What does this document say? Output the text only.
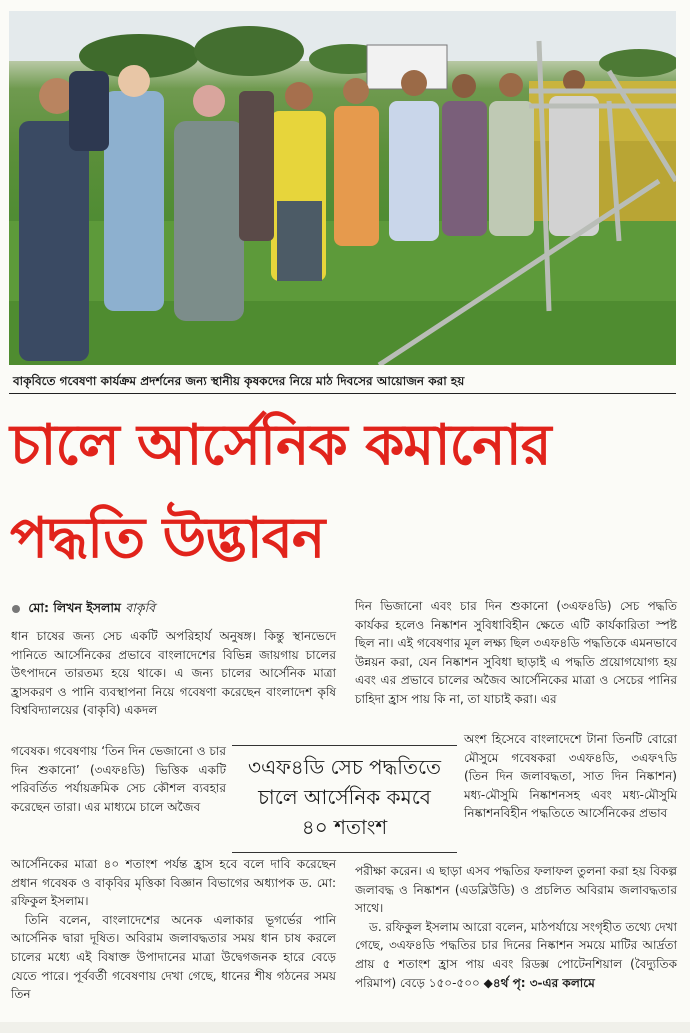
বাকৃবিতে গবেষণা কার্যক্রম প্রদর্শনের জন্য স্থানীয় কৃষকদের নিয়ে মাঠ দিবসের আয়োজন করা হয়
চালে আর্সেনিক কমানোর
পদ্ধতি উদ্ভাবন
মো: লিখন ইসলাম বাকৃবি

ধান চাষের জন্য সেচ একটি অপরিহার্য অনুষঙ্গ। কিন্তু স্থানভেদে পানিতে আর্সেনিকের প্রভাবে বাংলাদেশের বিভিন্ন জায়গায় চালের উৎপাদনে তারতম্য হয়ে থাকে। এ জন্য চালের আর্সেনিক মাত্রা হ্রাসকরণ ও পানি ব্যবস্থাপনা নিয়ে গবেষণা করেছেন বাংলাদেশ কৃষি বিশ্ববিদ্যালয়ের (বাকৃবি) একদল

গবেষক। গবেষণায় ‘তিন দিন ভেজানো ও চার দিন শুকানো’ (৩এফ৪ডি) ভিত্তিক একটি পরিবর্তিত পর্যায়ক্রমিক সেচ কৌশল ব্যবহার করেছেন তারা। এর মাধ্যমে চালে অজৈব

আর্সেনিকের মাত্রা ৪০ শতাংশ পর্যন্ত হ্রাস হবে বলে দাবি করেছেন প্রধান গবেষক ও বাকৃবির মৃত্তিকা বিজ্ঞান বিভাগের অধ্যাপক ড. মো: রফিকুল ইসলাম।

তিনি বলেন, বাংলাদেশের অনেক এলাকার ভূগর্ভের পানি আর্সেনিক দ্বারা দূষিত। অবিরাম জলাবদ্ধতার সময় ধান চাষ করলে চালের মধ্যে এই বিষাক্ত উপাদানের মাত্রা উদ্বেগজনক হারে বেড়ে যেতে পারে। পূর্ববর্তী গবেষণায় দেখা গেছে, ধানের শীষ গঠনের সময় তিন

৩এফ৪ডি সেচ পদ্ধতিতে
চালে আর্সেনিক কমবে
৪০ শতাংশ

দিন ভিজানো এবং চার দিন শুকানো (৩এফ৪ডি) সেচ পদ্ধতি কার্যকর হলেও নিষ্কাশন সুবিধাবিহীন ক্ষেতে এটি কার্যকারিতা স্পষ্ট ছিল না। এই গবেষণার মূল লক্ষ্য ছিল ৩এফ৪ডি পদ্ধতিকে এমনভাবে উন্নয়ন করা, যেন নিষ্কাশন সুবিধা ছাড়াই এ পদ্ধতি প্রয়োগযোগ্য হয় এবং এর প্রভাবে চালের অজৈব আর্সেনিকের মাত্রা ও সেচের পানির চাহিদা হ্রাস পায় কি না, তা যাচাই করা। এর

অংশ হিসেবে বাংলাদেশে টানা তিনটি বোরো মৌসুমে গবেষকরা ৩এফ৪ডি, ৩এফ৭ডি (তিন দিন জলাবদ্ধতা, সাত দিন নিষ্কাশন) মধ্য-মৌসুমি নিষ্কাশনসহ এবং মধ্য-মৌসুমি নিষ্কাশনবিহীন পদ্ধতিতে আর্সেনিকের প্রভাব

পরীক্ষা করেন। এ ছাড়া এসব পদ্ধতির ফলাফল তুলনা করা হয় বিকল্প জলাবদ্ধ ও নিষ্কাশন (এডব্লিউডি) ও প্রচলিত অবিরাম জলাবদ্ধতার সাথে।

ড. রফিকুল ইসলাম আরো বলেন, মাঠপর্যায়ে সংগৃহীত তথ্যে দেখা গেছে, ৩এফ৪ডি পদ্ধতির চার দিনের নিষ্কাশন সময়ে মাটির আর্দ্রতা প্রায় ৫ শতাংশ হ্রাস পায় এবং রিডক্স পোটেনশিয়াল (বৈদ্যুতিক পরিমাপ) বেড়ে ১৫০-৫০০ ◆৪র্থ পৃ: ৩-এর কলামে
